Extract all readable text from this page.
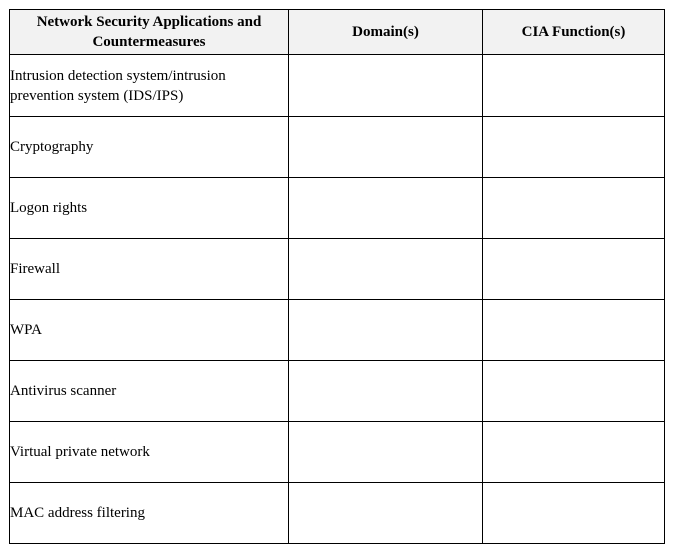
Network Security Applications and Countermeasures	Domain(s)	CIA Function(s)
Intrusion detection system/intrusion prevention system (IDS/IPS)		
Cryptography		
Logon rights		
Firewall		
WPA		
Antivirus scanner		
Virtual private network		
MAC address filtering		
